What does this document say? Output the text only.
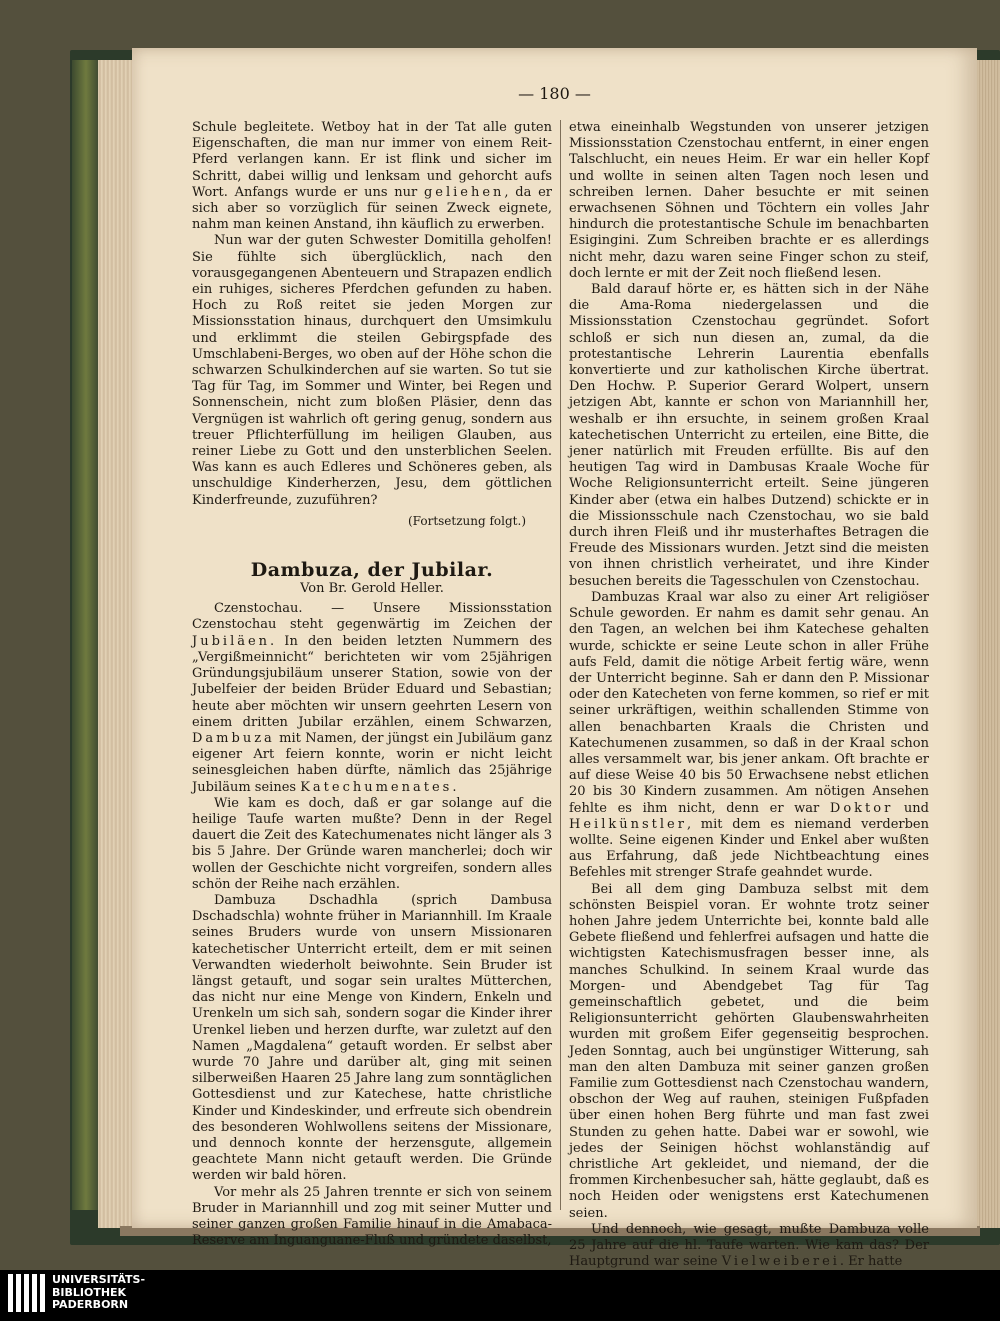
— 180 —

Schule begleitete. Wetboy hat in der Tat alle guten Eigenschaften, die man nur immer von einem Reit-Pferd verlangen kann. Er ist flink und sicher im Schritt, dabei willig und lenksam und gehorcht aufs Wort. Anfangs wurde er uns nur geliehen, da er sich aber so vorzüglich für seinen Zweck eignete, nahm man keinen Anstand, ihn käuflich zu erwerben.

Nun war der guten Schwester Domitilla geholfen! Sie fühlte sich überglücklich, nach den vorausgegangenen Abenteuern und Strapazen endlich ein ruhiges, sicheres Pferdchen gefunden zu haben. Hoch zu Roß reitet sie jeden Morgen zur Missionsstation hinaus, durchquert den Umsimkulu und erklimmt die steilen Gebirgspfade des Umschlabeni-Berges, wo oben auf der Höhe schon die schwarzen Schulkinderchen auf sie warten. So tut sie Tag für Tag, im Sommer und Winter, bei Regen und Sonnenschein, nicht zum bloßen Pläsier, denn das Vergnügen ist wahrlich oft gering genug, sondern aus treuer Pflichterfüllung im heiligen Glauben, aus reiner Liebe zu Gott und den unsterblichen Seelen. Was kann es auch Edleres und Schöneres geben, als unschuldige Kinderherzen, Jesu, dem göttlichen Kinderfreunde, zuzuführen?

(Fortsetzung folgt.)
Dambuza, der Jubilar.
Von Br. Gerold Heller.

Czenstochau. — Unsere Missionsstation Czenstochau steht gegenwärtig im Zeichen der Jubiläen. In den beiden letzten Nummern des „Vergißmeinnicht“ berichteten wir vom 25jährigen Gründungsjubiläum unserer Station, sowie von der Jubelfeier der beiden Brüder Eduard und Sebastian; heute aber möchten wir unsern geehrten Lesern von einem dritten Jubilar erzählen, einem Schwarzen, Dambuza mit Namen, der jüngst ein Jubiläum ganz eigener Art feiern konnte, worin er nicht leicht seinesgleichen haben dürfte, nämlich das 25jährige Jubiläum seines Katechumenates.

Wie kam es doch, daß er gar solange auf die heilige Taufe warten mußte? Denn in der Regel dauert die Zeit des Katechumenates nicht länger als 3 bis 5 Jahre. Der Gründe waren mancherlei; doch wir wollen der Geschichte nicht vorgreifen, sondern alles schön der Reihe nach erzählen.

Dambuza Dschadhla (sprich Dambusa Dschadschla) wohnte früher in Mariannhill. Im Kraale seines Bruders wurde von unsern Missionaren katechetischer Unterricht erteilt, dem er mit seinen Verwandten wiederholt beiwohnte. Sein Bruder ist längst getauft, und sogar sein uraltes Mütterchen, das nicht nur eine Menge von Kindern, Enkeln und Urenkeln um sich sah, sondern sogar die Kinder ihrer Urenkel lieben und herzen durfte, war zuletzt auf den Namen „Magdalena“ getauft worden. Er selbst aber wurde 70 Jahre und darüber alt, ging mit seinen silberweißen Haaren 25 Jahre lang zum sonntäglichen Gottesdienst und zur Katechese, hatte christliche Kinder und Kindeskinder, und erfreute sich obendrein des besonderen Wohlwollens seitens der Missionare, und dennoch konnte der herzensgute, allgemein geachtete Mann nicht getauft werden. Die Gründe werden wir bald hören.

Vor mehr als 25 Jahren trennte er sich von seinem Bruder in Mariannhill und zog mit seiner Mutter und seiner ganzen großen Familie hinauf in die Amabaca-Reserve am Inguanguane-Fluß und gründete daselbst,

etwa eineinhalb Wegstunden von unserer jetzigen Missionsstation Czenstochau entfernt, in einer engen Talschlucht, ein neues Heim. Er war ein heller Kopf und wollte in seinen alten Tagen noch lesen und schreiben lernen. Daher besuchte er mit seinen erwachsenen Söhnen und Töchtern ein volles Jahr hindurch die protestantische Schule im benachbarten Esigingini. Zum Schreiben brachte er es allerdings nicht mehr, dazu waren seine Finger schon zu steif, doch lernte er mit der Zeit noch fließend lesen.

Bald darauf hörte er, es hätten sich in der Nähe die Ama-Roma niedergelassen und die Missionsstation Czenstochau gegründet. Sofort schloß er sich nun diesen an, zumal, da die protestantische Lehrerin Laurentia ebenfalls konvertierte und zur katholischen Kirche übertrat. Den Hochw. P. Superior Gerard Wolpert, unsern jetzigen Abt, kannte er schon von Mariannhill her, weshalb er ihn ersuchte, in seinem großen Kraal katechetischen Unterricht zu erteilen, eine Bitte, die jener natürlich mit Freuden erfüllte. Bis auf den heutigen Tag wird in Dambusas Kraale Woche für Woche Religionsunterricht erteilt. Seine jüngeren Kinder aber (etwa ein halbes Dutzend) schickte er in die Missionsschule nach Czenstochau, wo sie bald durch ihren Fleiß und ihr musterhaftes Betragen die Freude des Missionars wurden. Jetzt sind die meisten von ihnen christlich verheiratet, und ihre Kinder besuchen bereits die Tagesschulen von Czenstochau.

Dambuzas Kraal war also zu einer Art religiöser Schule geworden. Er nahm es damit sehr genau. An den Tagen, an welchen bei ihm Katechese gehalten wurde, schickte er seine Leute schon in aller Frühe aufs Feld, damit die nötige Arbeit fertig wäre, wenn der Unterricht beginne. Sah er dann den P. Missionar oder den Katecheten von ferne kommen, so rief er mit seiner urkräftigen, weithin schallenden Stimme von allen benachbarten Kraals die Christen und Katechumenen zusammen, so daß in der Kraal schon alles versammelt war, bis jener ankam. Oft brachte er auf diese Weise 40 bis 50 Erwachsene nebst etlichen 20 bis 30 Kindern zusammen. Am nötigen Ansehen fehlte es ihm nicht, denn er war Doktor und Heilkünstler, mit dem es niemand verderben wollte. Seine eigenen Kinder und Enkel aber wußten aus Erfahrung, daß jede Nichtbeachtung eines Befehles mit strenger Strafe geahndet wurde.

Bei all dem ging Dambuza selbst mit dem schönsten Beispiel voran. Er wohnte trotz seiner hohen Jahre jedem Unterrichte bei, konnte bald alle Gebete fließend und fehlerfrei aufsagen und hatte die wichtigsten Katechismusfragen besser inne, als manches Schulkind. In seinem Kraal wurde das Morgen- und Abendgebet Tag für Tag gemeinschaftlich gebetet, und die beim Religionsunterricht gehörten Glaubenswahrheiten wurden mit großem Eifer gegenseitig besprochen. Jeden Sonntag, auch bei ungünstiger Witterung, sah man den alten Dambuza mit seiner ganzen großen Familie zum Gottesdienst nach Czenstochau wandern, obschon der Weg auf rauhen, steinigen Fußpfaden über einen hohen Berg führte und man fast zwei Stunden zu gehen hatte. Dabei war er sowohl, wie jedes der Seinigen höchst wohlanständig auf christliche Art gekleidet, und niemand, der die frommen Kirchenbesucher sah, hätte geglaubt, daß es noch Heiden oder wenigstens erst Katechumenen seien.

Und dennoch, wie gesagt, mußte Dambuza volle 25 Jahre auf die hl. Taufe warten. Wie kam das? Der Hauptgrund war seine Vielweiberei. Er hatte

UNIVERSITÄTS-
BIBLIOTHEK
PADERBORN
